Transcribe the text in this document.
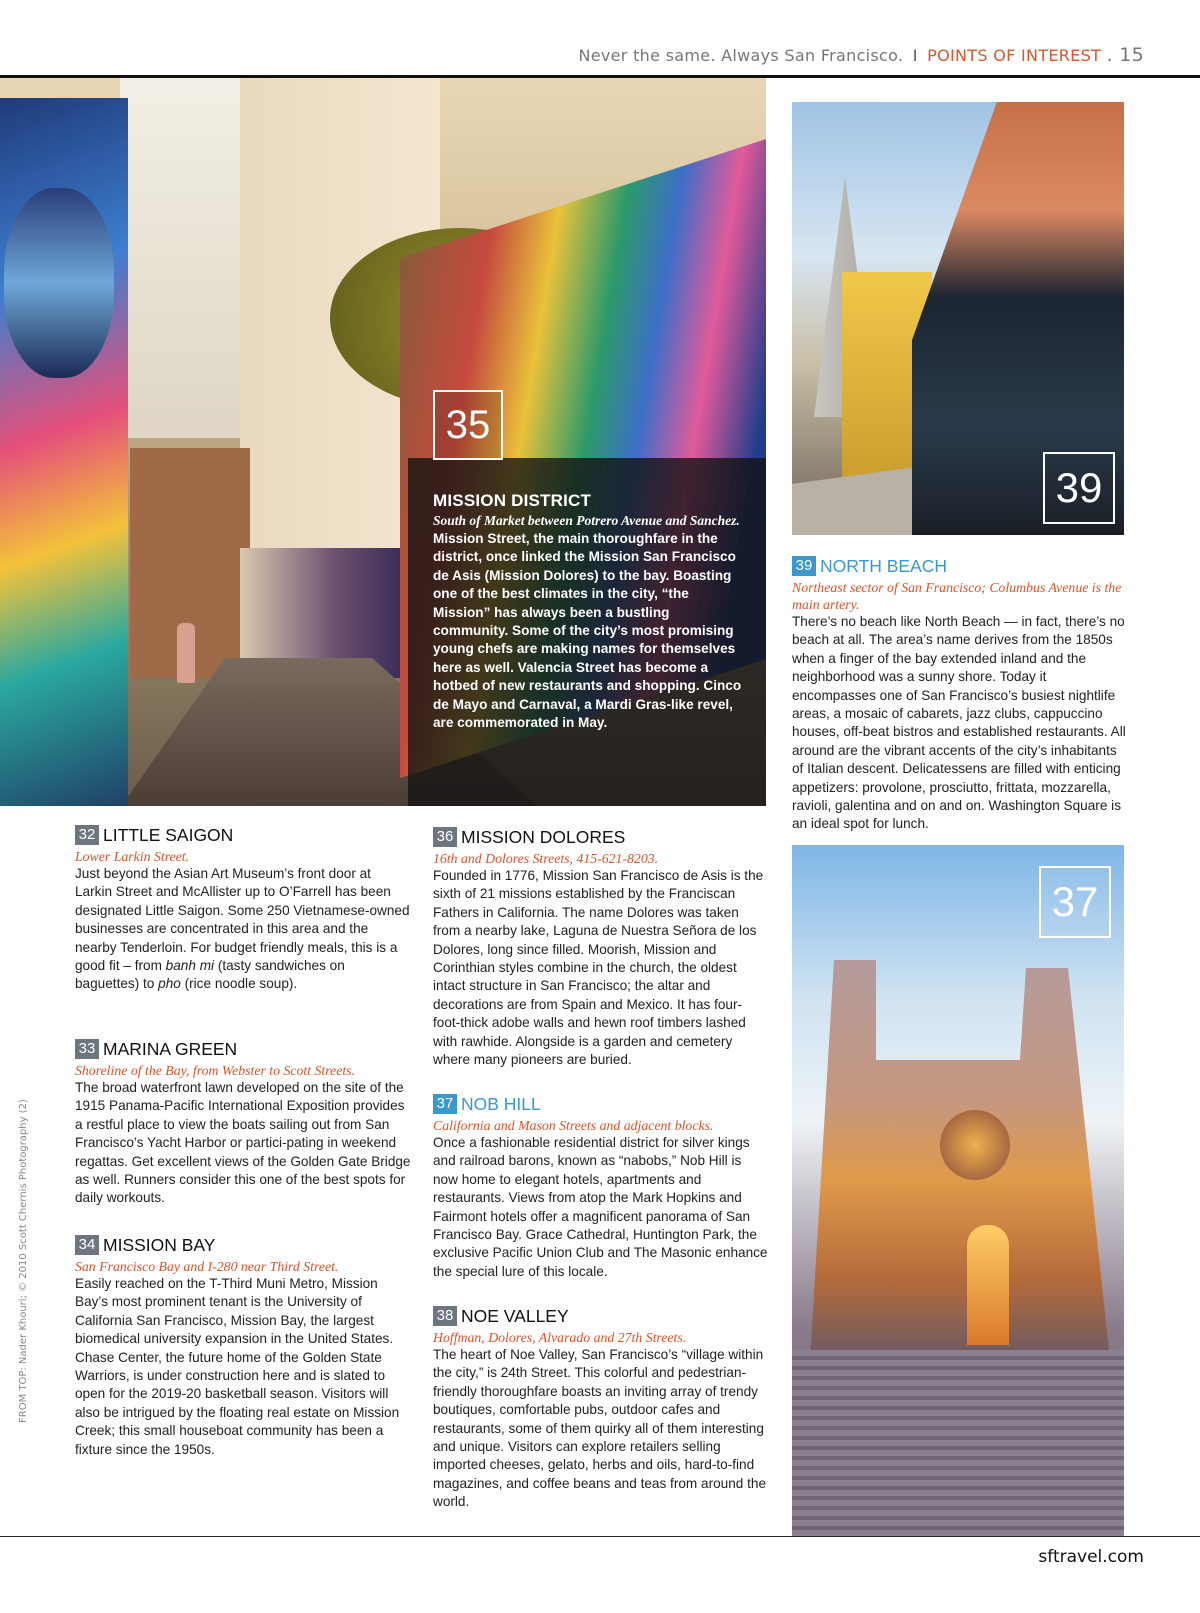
Never the same. Always San Francisco. I POINTS OF INTEREST . 15
35
MISSION DISTRICT
South of Market between Potrero Avenue and Sanchez.
Mission Street, the main thoroughfare in the district, once linked the Mission San Francisco de Asis (Mission Dolores) to the bay. Boasting one of the best climates in the city, “the Mission” has always been a bustling community. Some of the city’s most promising young chefs are making names for themselves here as well. Valencia Street has become a hotbed of new restaurants and shopping. Cinco de Mayo and Carnaval, a Mardi Gras-like revel, are commemorated in May.
39
39 NORTH BEACH
Northeast sector of San Francisco; Columbus Avenue is the main artery.

There’s no beach like North Beach — in fact, there’s no beach at all. The area’s name derives from the 1850s when a finger of the bay extended inland and the neighborhood was a sunny shore. Today it encompasses one of San Francisco’s busiest nightlife areas, a mosaic of cabarets, jazz clubs, cappuccino houses, off-beat bistros and established restaurants. All around are the vibrant accents of the city’s inhabitants of Italian descent. Delicatessens are filled with enticing appetizers: provolone, prosciutto, frittata, mozzarella, ravioli, galentina and on and on. Washington Square is an ideal spot for lunch.

37
32 LITTLE SAIGON
Lower Larkin Street.

Just beyond the Asian Art Museum’s front door at Larkin Street and McAllister up to O’Farrell has been designated Little Saigon. Some 250 Vietnamese-owned businesses are concentrated in this area and the nearby Tenderloin. For budget friendly meals, this is a good fit – from banh mi (tasty sandwiches on baguettes) to pho (rice noodle soup).

33 MARINA GREEN
Shoreline of the Bay, from Webster to Scott Streets.

The broad waterfront lawn developed on the site of the 1915 Panama-Pacific International Exposition provides a restful place to view the boats sailing out from San Francisco’s Yacht Harbor or partici-pating in weekend regattas. Get excellent views of the Golden Gate Bridge as well. Runners consider this one of the best spots for daily workouts.

34 MISSION BAY
San Francisco Bay and I-280 near Third Street.

Easily reached on the T-Third Muni Metro, Mission Bay’s most prominent tenant is the University of California San Francisco, Mission Bay, the largest biomedical university expansion in the United States. Chase Center, the future home of the Golden State Warriors, is under construction here and is slated to open for the 2019-20 basketball season. Visitors will also be intrigued by the floating real estate on Mission Creek; this small houseboat community has been a fixture since the 1950s.

36 MISSION DOLORES
16th and Dolores Streets, 415-621-8203.

Founded in 1776, Mission San Francisco de Asis is the sixth of 21 missions established by the Franciscan Fathers in California. The name Dolores was taken from a nearby lake, Laguna de Nuestra Señora de los Dolores, long since filled. Moorish, Mission and Corinthian styles combine in the church, the oldest intact structure in San Francisco; the altar and decorations are from Spain and Mexico. It has four-foot-thick adobe walls and hewn roof timbers lashed with rawhide. Alongside is a garden and cemetery where many pioneers are buried.

37 NOB HILL
California and Mason Streets and adjacent blocks.

Once a fashionable residential district for silver kings and railroad barons, known as “nabobs,” Nob Hill is now home to elegant hotels, apartments and restaurants. Views from atop the Mark Hopkins and Fairmont hotels offer a magnificent panorama of San Francisco Bay. Grace Cathedral, Huntington Park, the exclusive Pacific Union Club and The Masonic enhance the special lure of this locale.

38 NOE VALLEY
Hoffman, Dolores, Alvarado and 27th Streets.

The heart of Noe Valley, San Francisco’s “village within the city,” is 24th Street. This colorful and pedestrian-friendly thoroughfare boasts an inviting array of trendy boutiques, comfortable pubs, outdoor cafes and restaurants, some of them quirky all of them interesting and unique. Visitors can explore retailers selling imported cheeses, gelato, herbs and oils, hard-to-find magazines, and coffee beans and teas from around the world.

FROM TOP: Nader Khouri; © 2010 Scott Chernis Photography (2)
sftravel.com
